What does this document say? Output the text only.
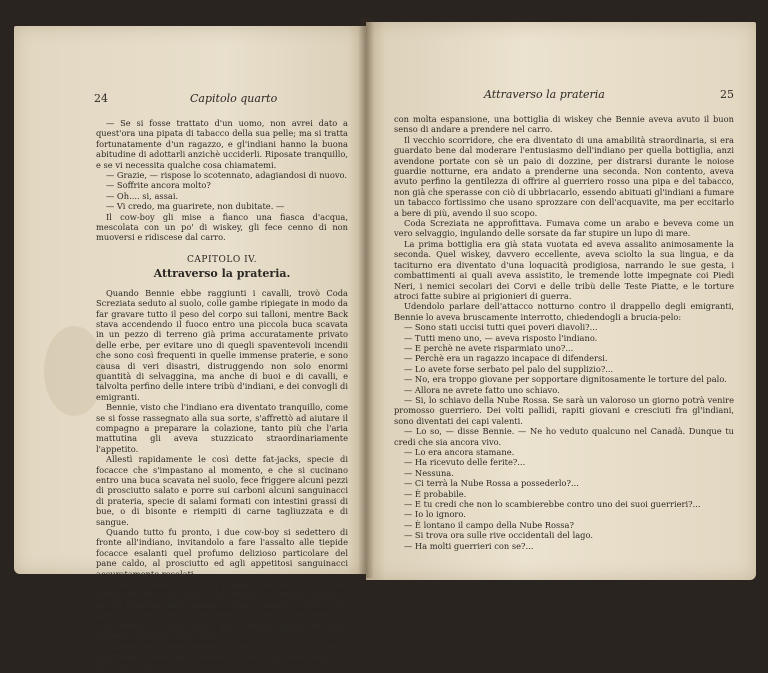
24	Capitolo quarto

— Se si fosse trattato d'un uomo, non avrei dato a quest'ora una pipata di tabacco della sua pelle; ma si tratta fortunatamente d'un ragazzo, e gl'indiani hanno la buona abitudine di adottarli anzichè ucciderli. Riposate tranquillo, e se vi necessita qualche cosa chiamatemi.

— Grazie, — rispose lo scotennato, adagiandosi di nuovo.

— Soffrite ancora molto?

— Oh.... si, assai.

— Vi credo, ma guarirete, non dubitate. —

Il cow-boy gli mise a fianco una fiasca d'acqua, mescolata con un po' di wiskey, gli fece cenno di non muoversi e ridiscese dal carro.

CAPITOLO IV.
Attraverso la prateria.

Quando Bennie ebbe raggiunti i cavalli, trovò Coda Screziata seduto al suolo, colle gambe ripiegate in modo da far gravare tutto il peso del corpo sui talloni, mentre Back stava accendendo il fuoco entro una piccola buca scavata in un pezzo di terreno già prima accuratamente privato delle erbe, per evitare uno di quegli spaventevoli incendii che sono così frequenti in quelle immense praterie, e sono causa di veri disastri, distruggendo non solo enormi quantità di selvaggina, ma anche di buoi e di cavalli, e talvolta perfino delle intere tribù d'indiani, e dei convogli di emigranti.

Bennie, visto che l'indiano era diventato tranquillo, come se si fosse rassegnato alla sua sorte, s'affrettò ad aiutare il compagno a preparare la colazione, tanto più che l'aria mattutina gli aveva stuzzicato straordinariamente l'appetito.

Allestì rapidamente le così dette fat-jacks, specie di focacce che s'impastano al momento, e che si cucinano entro una buca scavata nel suolo, fece friggere alcuni pezzi di prosciutto salato e porre sui carboni alcuni sanguinacci di prateria, specie di salami formati con intestini grassi di bue, o di bisonte e riempiti di carne tagliuzzata e di sangue.

Quando tutto fu pronto, i due cow-boy si sedettero di fronte all'indiano, invitandolo a fare l'assalto alle tiepide focacce esalanti quel profumo delizioso particolare del pane caldo, al prosciutto ed agli appetitosi sanguinacci accuratamente rosolati.

Coda Screziata non si fece pregare. Mai forse in vita sua aveva nuotato fra tanta abbondanza, essendo oggidì, i poveri guerrieri della prateria, quasi sempre in lotta colla fame, in causa della crescente scarsità di selvaggina, e soprattutto in causa della quasi totale sparizione delle immense mandrie di bisonti.

Quantunque internamente si cruociasse assai di trovarsi prigioniero, fece molto onore al pasto, perfino troppo, e bacio più volte,

Attraverso la prateria	25

con molta espansione, una bottiglia di wiskey che Bennie aveva avuto il buon senso di andare a prendere nel carro.

Il vecchio scorridore, che era diventato di una amabilità straordinaria, si era guardato bene dal moderare l'entusiasmo dell'indiano per quella bottiglia, anzi avendone portate con sè un paio di dozzine, per distrarsi durante le noiose guardie notturne, era andato a prenderne una seconda. Non contento, aveva avuto perfino la gentilezza di offrire al guerriero rosso una pipa e del tabacco, non già che sperasse con ciò di ubbriacarlo, essendo abituati gl'indiani a fumare un tabacco fortissimo che usano sprozzare con dell'acquavite, ma per eccitarlo a bere di più, avendo il suo scopo.

Coda Screziata ne approfittava. Fumava come un arabo e beveva come un vero selvaggio, ingulando delle sorsate da far stupire un lupo di mare.

La prima bottiglia era già stata vuotata ed aveva assalito animosamente la seconda. Quel wiskey, davvero eccellente, aveva sciolto la sua lingua, e da taciturno era diventato d'una loquacità prodigiosa, narrando le sue gesta, i combattimenti ai quali aveva assistito, le tremende lotte impegnate coi Piedi Neri, i nemici secolari dei Corvi e delle tribù delle Teste Piatte, e le torture atroci fatte subire ai prigionieri di guerra.

Udendolo parlare dell'attacco notturno contro il drappello degli emigranti, Bennie lo aveva bruscamente interrotto, chiedendogli a brucia-pelo:

— Sono stati uccisi tutti quei poveri diavoli?...

— Tutti meno uno, — aveva risposto l'indiano.

— E perchè ne avete risparmiato uno?...

— Perchè era un ragazzo incapace di difendersi.

— Lo avete forse serbato pel palo del supplizio?...

— No, era troppo giovane per sopportare dignitosamente le torture del palo.

— Allora ne avrete fatto uno schiavo.

— Si, lo schiavo della Nube Rossa. Se sarà un valoroso un giorno potrà venire promosso guerriero. Dei volti pallidi, rapiti giovani e cresciuti fra gl'indiani, sono diventati dei capi valenti.

— Lo so, — disse Bennie. — Ne ho veduto qualcuno nel Canadà. Dunque tu credi che sia ancora vivo.

— Lo era ancora stamane.

— Ha ricevuto delle ferite?...

— Nessuna.

— Ci terrà la Nube Rossa a possederlo?...

— È probabile.

— E tu credi che non lo scambierebbe contro uno dei suoi guerrieri?...

— Io lo ignoro.

— È lontano il campo della Nube Rossa?

— Si trova ora sulle rive occidentali del lago.

— Ha molti guerrieri con se?...
